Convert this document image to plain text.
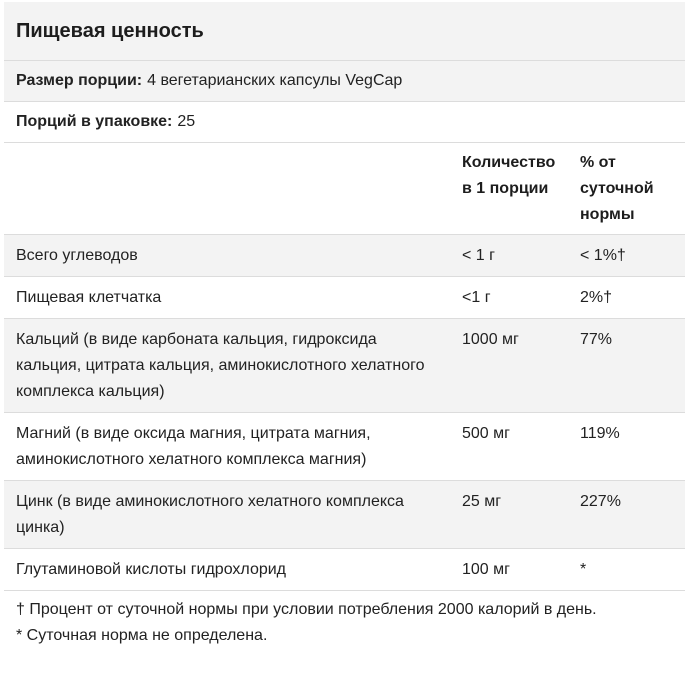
Пищевая ценность
Размер порции: 4 вегетарианских капсулы VegCap
Порций в упаковке: 25
	Количество в 1 порции	% от суточной нормы
Всего углеводов	< 1 г	< 1%†
Пищевая клетчатка	<1 г	2%†
Кальций (в виде карбоната кальция, гидроксида кальция, цитрата кальция, аминокислотного хелатного комплекса кальция)	1000 мг	77%
Магний (в виде оксида магния, цитрата магния, аминокислотного хелатного комплекса магния)	500 мг	119%
Цинк (в виде аминокислотного хелатного комплекса цинка)	25 мг	227%
Глутаминовой кислоты гидрохлорид	100 мг	*
† Процент от суточной нормы при условии потребления 2000 калорий в день.
* Суточная норма не определена.
